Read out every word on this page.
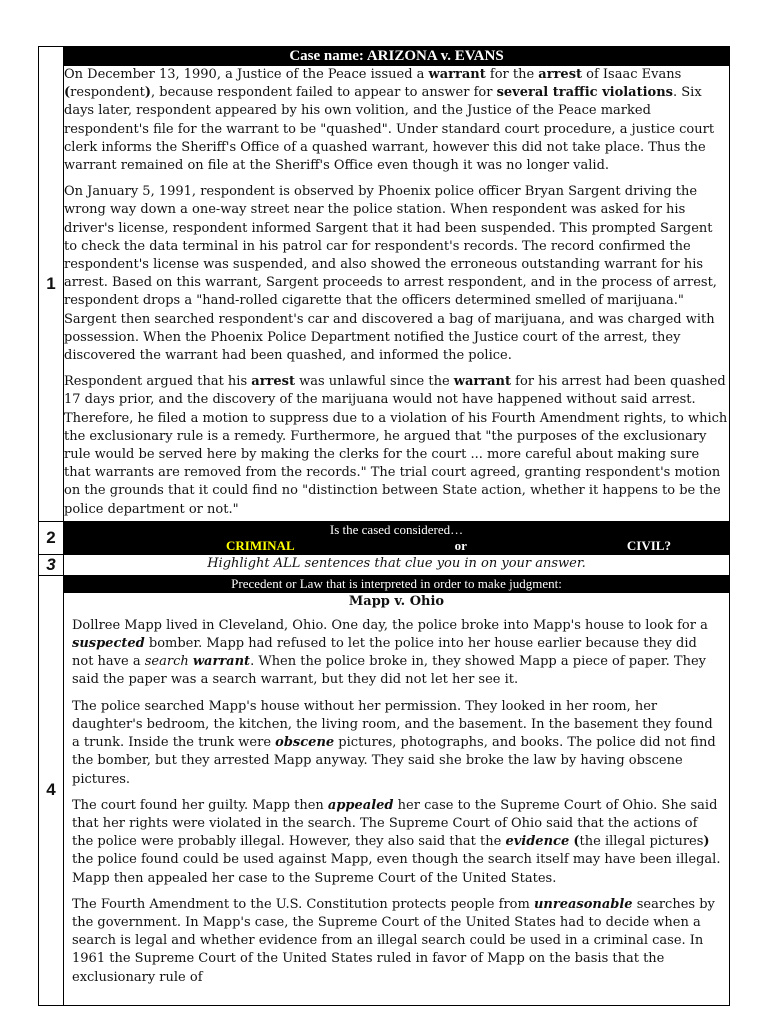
1	Case name: ARIZONA v. EVANS

	On December 13, 1990, a Justice of the Peace issued a warrant for the arrest of Isaac Evans (respondent), because respondent failed to appear to answer for several traffic violations. Six days later, respondent appeared by his own volition, and the Justice of the Peace marked respondent's file for the warrant to be "quashed". Under standard court procedure, a justice court clerk informs the Sheriff's Office of a quashed warrant, however this did not take place. Thus the warrant remained on file at the Sheriff's Office even though it was no longer valid.

On January 5, 1991, respondent is observed by Phoenix police officer Bryan Sargent driving the wrong way down a one-way street near the police station. When respondent was asked for his driver's license, respondent informed Sargent that it had been suspended. This prompted Sargent to check the data terminal in his patrol car for respondent's records. The record confirmed the respondent's license was suspended, and also showed the erroneous outstanding warrant for his arrest. Based on this warrant, Sargent proceeds to arrest respondent, and in the process of arrest, respondent drops a "hand-rolled cigarette that the officers determined smelled of marijuana." Sargent then searched respondent's car and discovered a bag of marijuana, and was charged with possession. When the Phoenix Police Department notified the Justice court of the arrest, they discovered the warrant had been quashed, and informed the police.

Respondent argued that his arrest was unlawful since the warrant for his arrest had been quashed 17 days prior, and the discovery of the marijuana would not have happened without said arrest. Therefore, he filed a motion to suppress due to a violation of his Fourth Amendment rights, to which the exclusionary rule is a remedy. Furthermore, he argued that "the purposes of the exclusionary rule would be served here by making the clerks for the court ... more careful about making sure that warrants are removed from the records." The trial court agreed, granting respondent's motion on the grounds that it could find no "distinction between State action, whether it happens to be the police department or not."

2	Is the cased considered…
CRIMINAL or CIVIL?

3	Highlight ALL sentences that clue you in on your answer.
4	Precedent or Law that is interpreted in order to make judgment:

	Mapp v. Ohio

Dollree Mapp lived in Cleveland, Ohio. One day, the police broke into Mapp's house to look for a suspected bomber. Mapp had refused to let the police into her house earlier because they did not have a search warrant. When the police broke in, they showed Mapp a piece of paper. They said the paper was a search warrant, but they did not let her see it.

The police searched Mapp's house without her permission. They looked in her room, her daughter's bedroom, the kitchen, the living room, and the basement. In the basement they found a trunk. Inside the trunk were obscene pictures, photographs, and books. The police did not find the bomber, but they arrested Mapp anyway. They said she broke the law by having obscene pictures.

The court found her guilty. Mapp then appealed her case to the Supreme Court of Ohio. She said that her rights were violated in the search. The Supreme Court of Ohio said that the actions of the police were probably illegal. However, they also said that the evidence (the illegal pictures) the police found could be used against Mapp, even though the search itself may have been illegal. Mapp then appealed her case to the Supreme Court of the United States.

The Fourth Amendment to the U.S. Constitution protects people from unreasonable searches by the government. In Mapp's case, the Supreme Court of the United States had to decide when a search is legal and whether evidence from an illegal search could be used in a criminal case. In 1961 the Supreme Court of the United States ruled in favor of Mapp on the basis that the exclusionary rule of
